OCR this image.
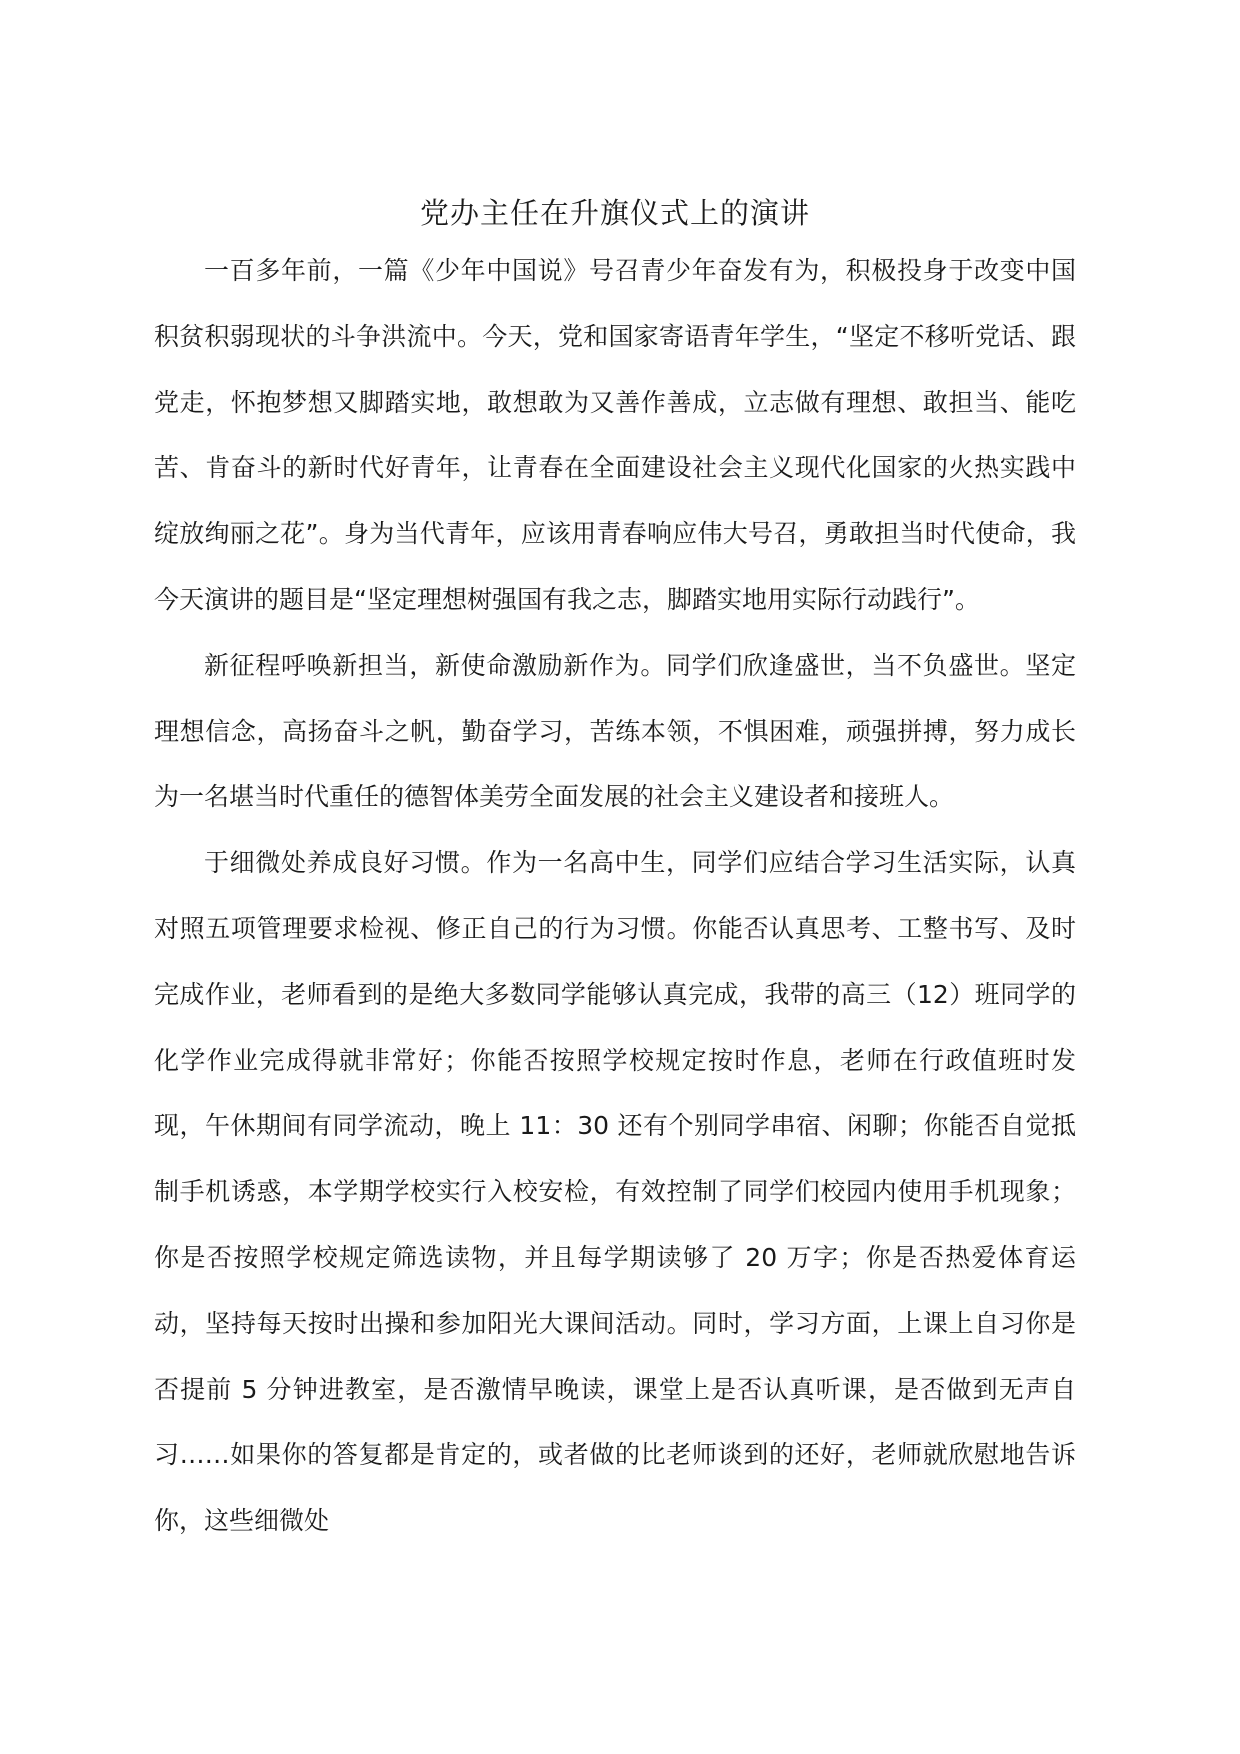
党办主任在升旗仪式上的演讲

一百多年前，一篇《少年中国说》号召青少年奋发有为，积极投身于改变中国积贫积弱现状的斗争洪流中。今天，党和国家寄语青年学生，“坚定不移听党话、跟党走，怀抱梦想又脚踏实地，敢想敢为又善作善成，立志做有理想、敢担当、能吃苦、肯奋斗的新时代好青年，让青春在全面建设社会主义现代化国家的火热实践中绽放绚丽之花”。身为当代青年，应该用青春响应伟大号召，勇敢担当时代使命，我今天演讲的题目是“坚定理想树强国有我之志，脚踏实地用实际行动践行”。

新征程呼唤新担当，新使命激励新作为。同学们欣逢盛世，当不负盛世。坚定理想信念，高扬奋斗之帆，勤奋学习，苦练本领，不惧困难，顽强拼搏，努力成长为一名堪当时代重任的德智体美劳全面发展的社会主义建设者和接班人。

于细微处养成良好习惯。作为一名高中生，同学们应结合学习生活实际，认真对照五项管理要求检视、修正自己的行为习惯。你能否认真思考、工整书写、及时完成作业，老师看到的是绝大多数同学能够认真完成，我带的高三（12）班同学的化学作业完成得就非常好；你能否按照学校规定按时作息，老师在行政值班时发现，午休期间有同学流动，晚上 11：30 还有个别同学串宿、闲聊；你能否自觉抵制手机诱惑，本学期学校实行入校安检，有效控制了同学们校园内使用手机现象；你是否按照学校规定筛选读物，并且每学期读够了 20 万字；你是否热爱体育运动，坚持每天按时出操和参加阳光大课间活动。同时，学习方面，上课上自习你是否提前 5 分钟进教室，是否激情早晚读，课堂上是否认真听课，是否做到无声自习……如果你的答复都是肯定的，或者做的比老师谈到的还好，老师就欣慰地告诉你，这些细微处
